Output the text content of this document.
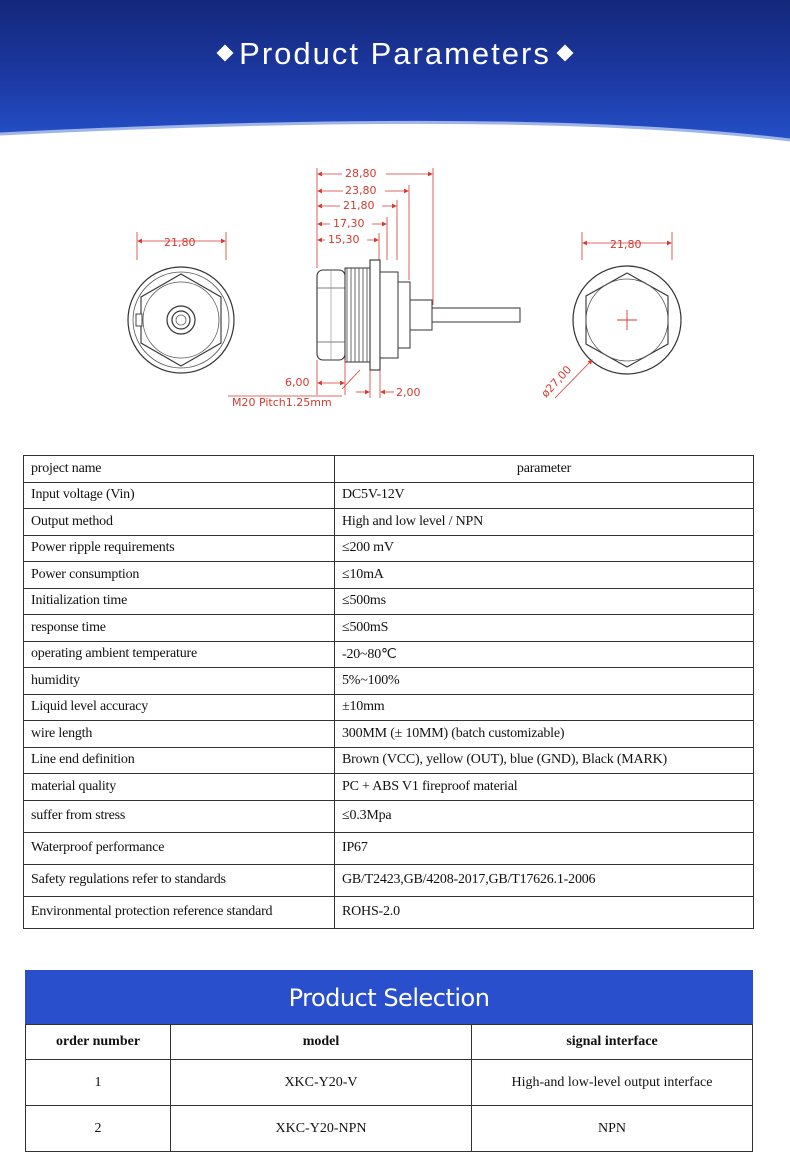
Product Parameters
21,80
28,80
23,80
21,80
17,30
15,30
6,00
M20 Pitch1.25mm
2,00
21,80
ø27,00
project name	parameter
Input voltage (Vin)	DC5V-12V
Output method	High and low level / NPN
Power ripple requirements	≤200 mV
Power consumption	≤10mA
Initialization time	≤500ms
response time	≤500mS
operating ambient temperature	-20~80℃
humidity	5%~100%
Liquid level accuracy	±10mm
wire length	300MM (± 10MM) (batch customizable)
Line end definition	Brown (VCC), yellow (OUT), blue (GND), Black (MARK)
material quality	PC + ABS V1 fireproof material
suffer from stress	≤0.3Mpa
Waterproof performance	IP67
Safety regulations refer to standards	GB/T2423,GB/4208-2017,GB/T17626.1-2006
Environmental protection reference standard	ROHS-2.0
Product Selection
order number	model	signal interface
1	XKC-Y20-V	High-and low-level output interface
2	XKC-Y20-NPN	NPN
